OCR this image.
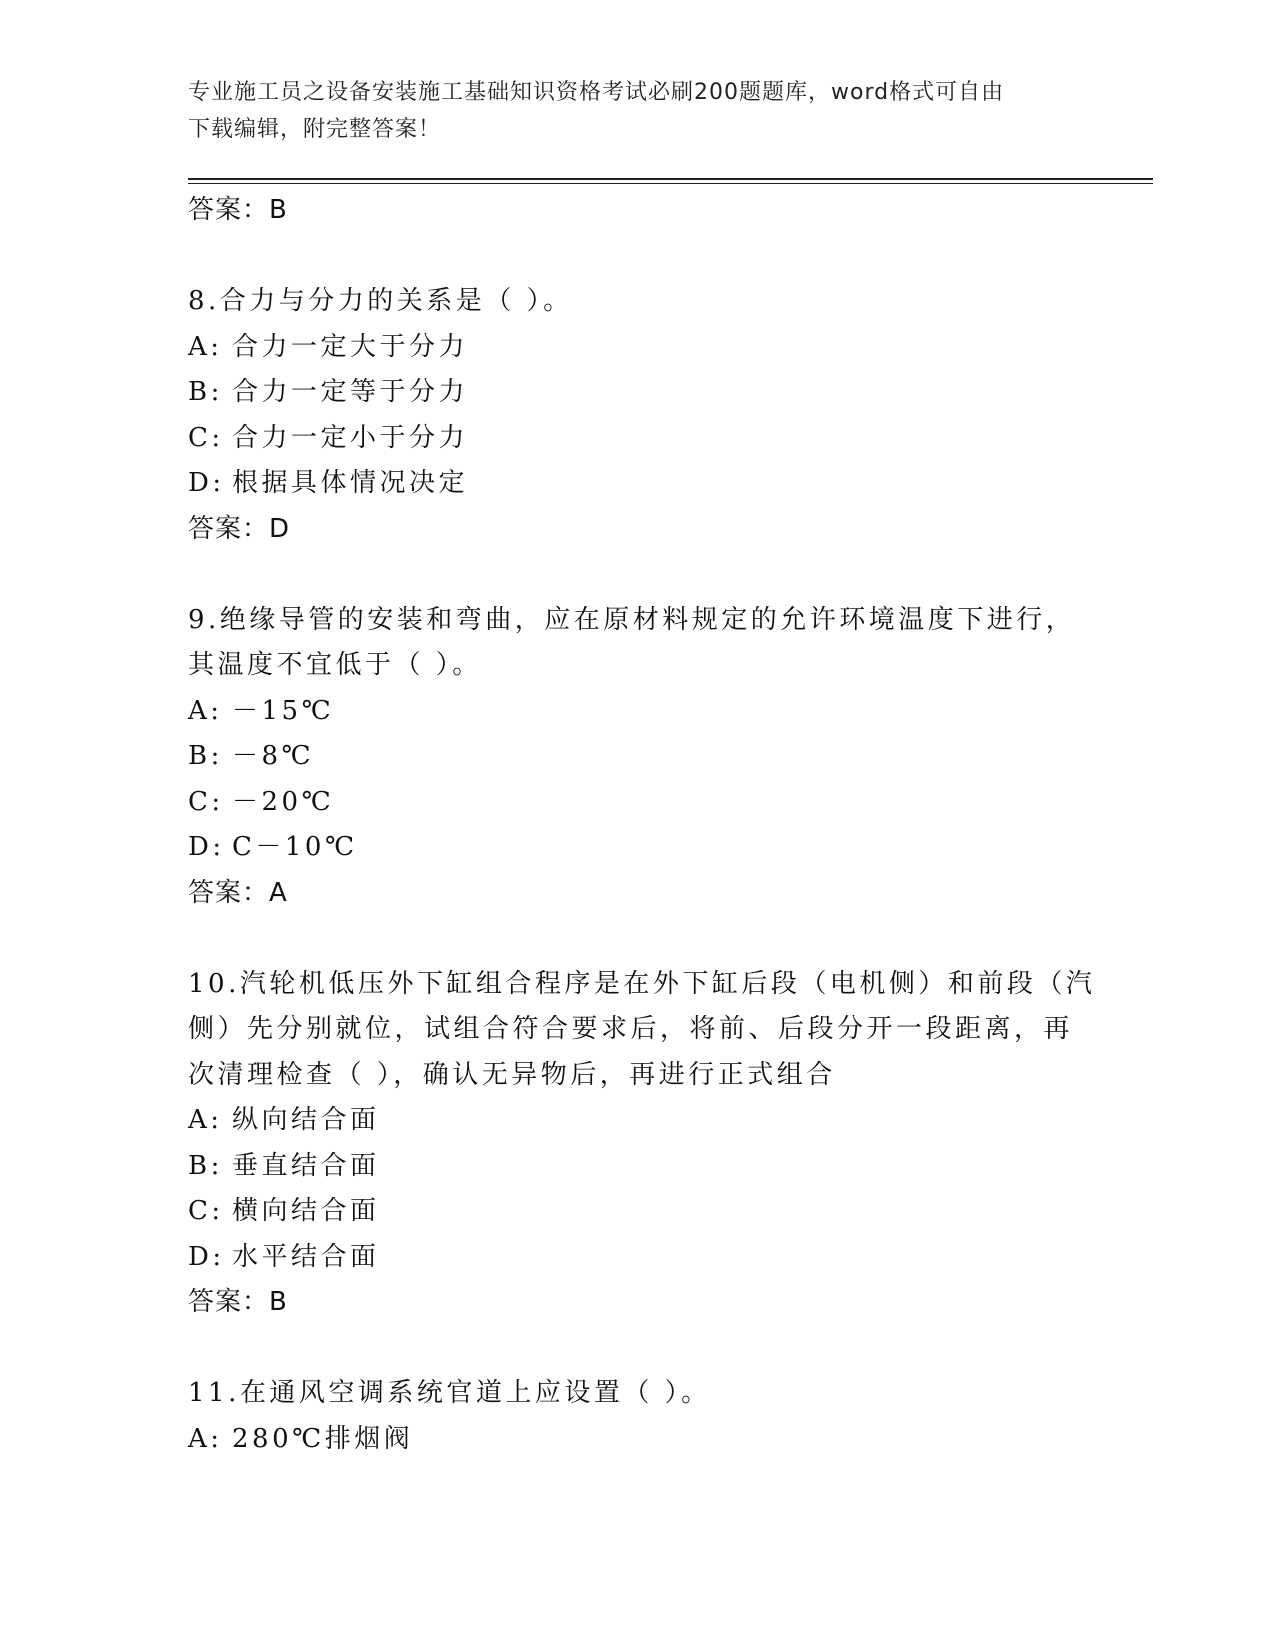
专业施工员之设备安装施工基础知识资格考试必刷200题题库，word格式可自由
下载编辑，附完整答案！
答案：B
8.合力与分力的关系是（ ）。
A: 合力一定大于分力
B: 合力一定等于分力
C: 合力一定小于分力
D: 根据具体情况决定
答案：D
9.绝缘导管的安装和弯曲，应在原材料规定的允许环境温度下进行，
其温度不宜低于（ ）。
A: －15℃
B: －8℃
C: －20℃
D: C－10℃
答案：A
10.汽轮机低压外下缸组合程序是在外下缸后段（电机侧）和前段（汽
侧）先分别就位，试组合符合要求后，将前、后段分开一段距离，再
次清理检查（ ），确认无异物后，再进行正式组合
A: 纵向结合面
B: 垂直结合面
C: 横向结合面
D: 水平结合面
答案：B
11.在通风空调系统官道上应设置（ ）。
A: 280℃排烟阀
